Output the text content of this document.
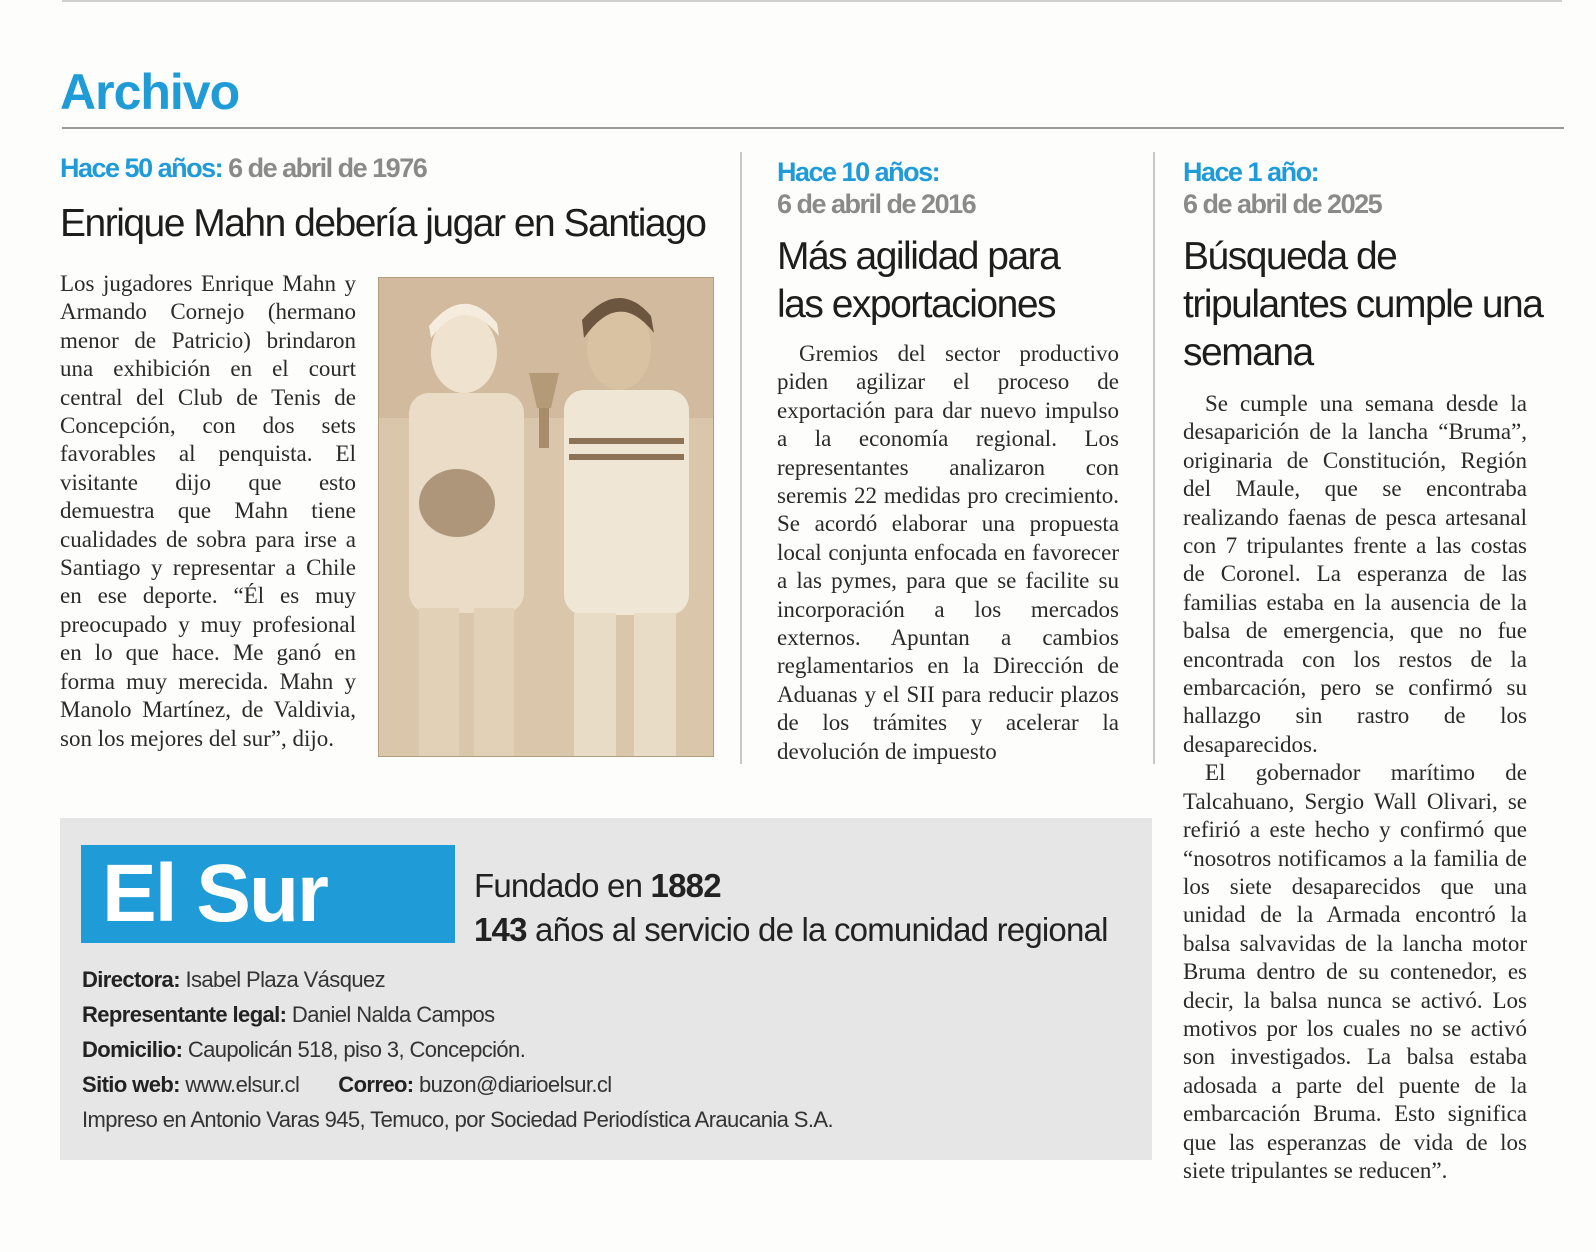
Archivo
Hace 50 años: 6 de abril de 1976
Enrique Mahn debería jugar en Santiago
Los jugadores Enrique Mahn y Armando Cornejo (hermano menor de Patricio) brindaron una exhibición en el court central del Club de Tenis de Concepción, con dos sets favorables al penquista. El visitante dijo que esto demuestra que Mahn tiene cualidades de sobra para irse a Santiago y representar a Chile en ese deporte. “Él es muy preocupado y muy profesional en lo que hace. Me ganó en forma muy merecida. Mahn y Manolo Martínez, de Valdivia, son los mejores del sur”, dijo.
Hace 10 años:
6 de abril de 2016
Más agilidad para las exportaciones
Gremios del sector productivo piden agilizar el proceso de exportación para dar nuevo impulso a la economía regional. Los representantes analizaron con seremis 22 medidas pro crecimiento. Se acordó elaborar una propuesta local conjunta enfocada en favorecer a las pymes, para que se facilite su incorporación a los mercados externos. Apuntan a cambios reglamentarios en la Dirección de Aduanas y el SII para reducir plazos de los trámites y acelerar la devolución de impuesto
Hace 1 año:
6 de abril de 2025
Búsqueda de tripulantes cumple una semana
Se cumple una semana desde la desaparición de la lancha “Bruma”, originaria de Constitución, Región del Maule, que se encontraba realizando faenas de pesca artesanal con 7 tripulantes frente a las costas de Coronel. La esperanza de las familias estaba en la ausencia de la balsa de emergencia, que no fue encontrada con los restos de la embarcación, pero se confirmó su hallazgo sin rastro de los desaparecidos.
El gobernador marítimo de Talcahuano, Sergio Wall Olivari, se refirió a este hecho y confirmó que “nosotros notificamos a la familia de los siete desaparecidos que una unidad de la Armada encontró la balsa salvavidas de la lancha motor Bruma dentro de su contenedor, es decir, la balsa nunca se activó. Los motivos por los cuales no se activó son investigados. La balsa estaba adosada a parte del puente de la embarcación Bruma. Esto significa que las esperanzas de vida de los siete tripulantes se reducen”.
El Sur	Fundado en 1882
143 años al servicio de la comunidad regional
Directora: Isabel Plaza Vásquez
Representante legal: Daniel Nalda Campos
Domicilio: Caupolicán 518, piso 3, Concepción.
Sitio web: www.elsur.cl Correo: buzon@diarioelsur.cl
Impreso en Antonio Varas 945, Temuco, por Sociedad Periodística Araucania S.A.
